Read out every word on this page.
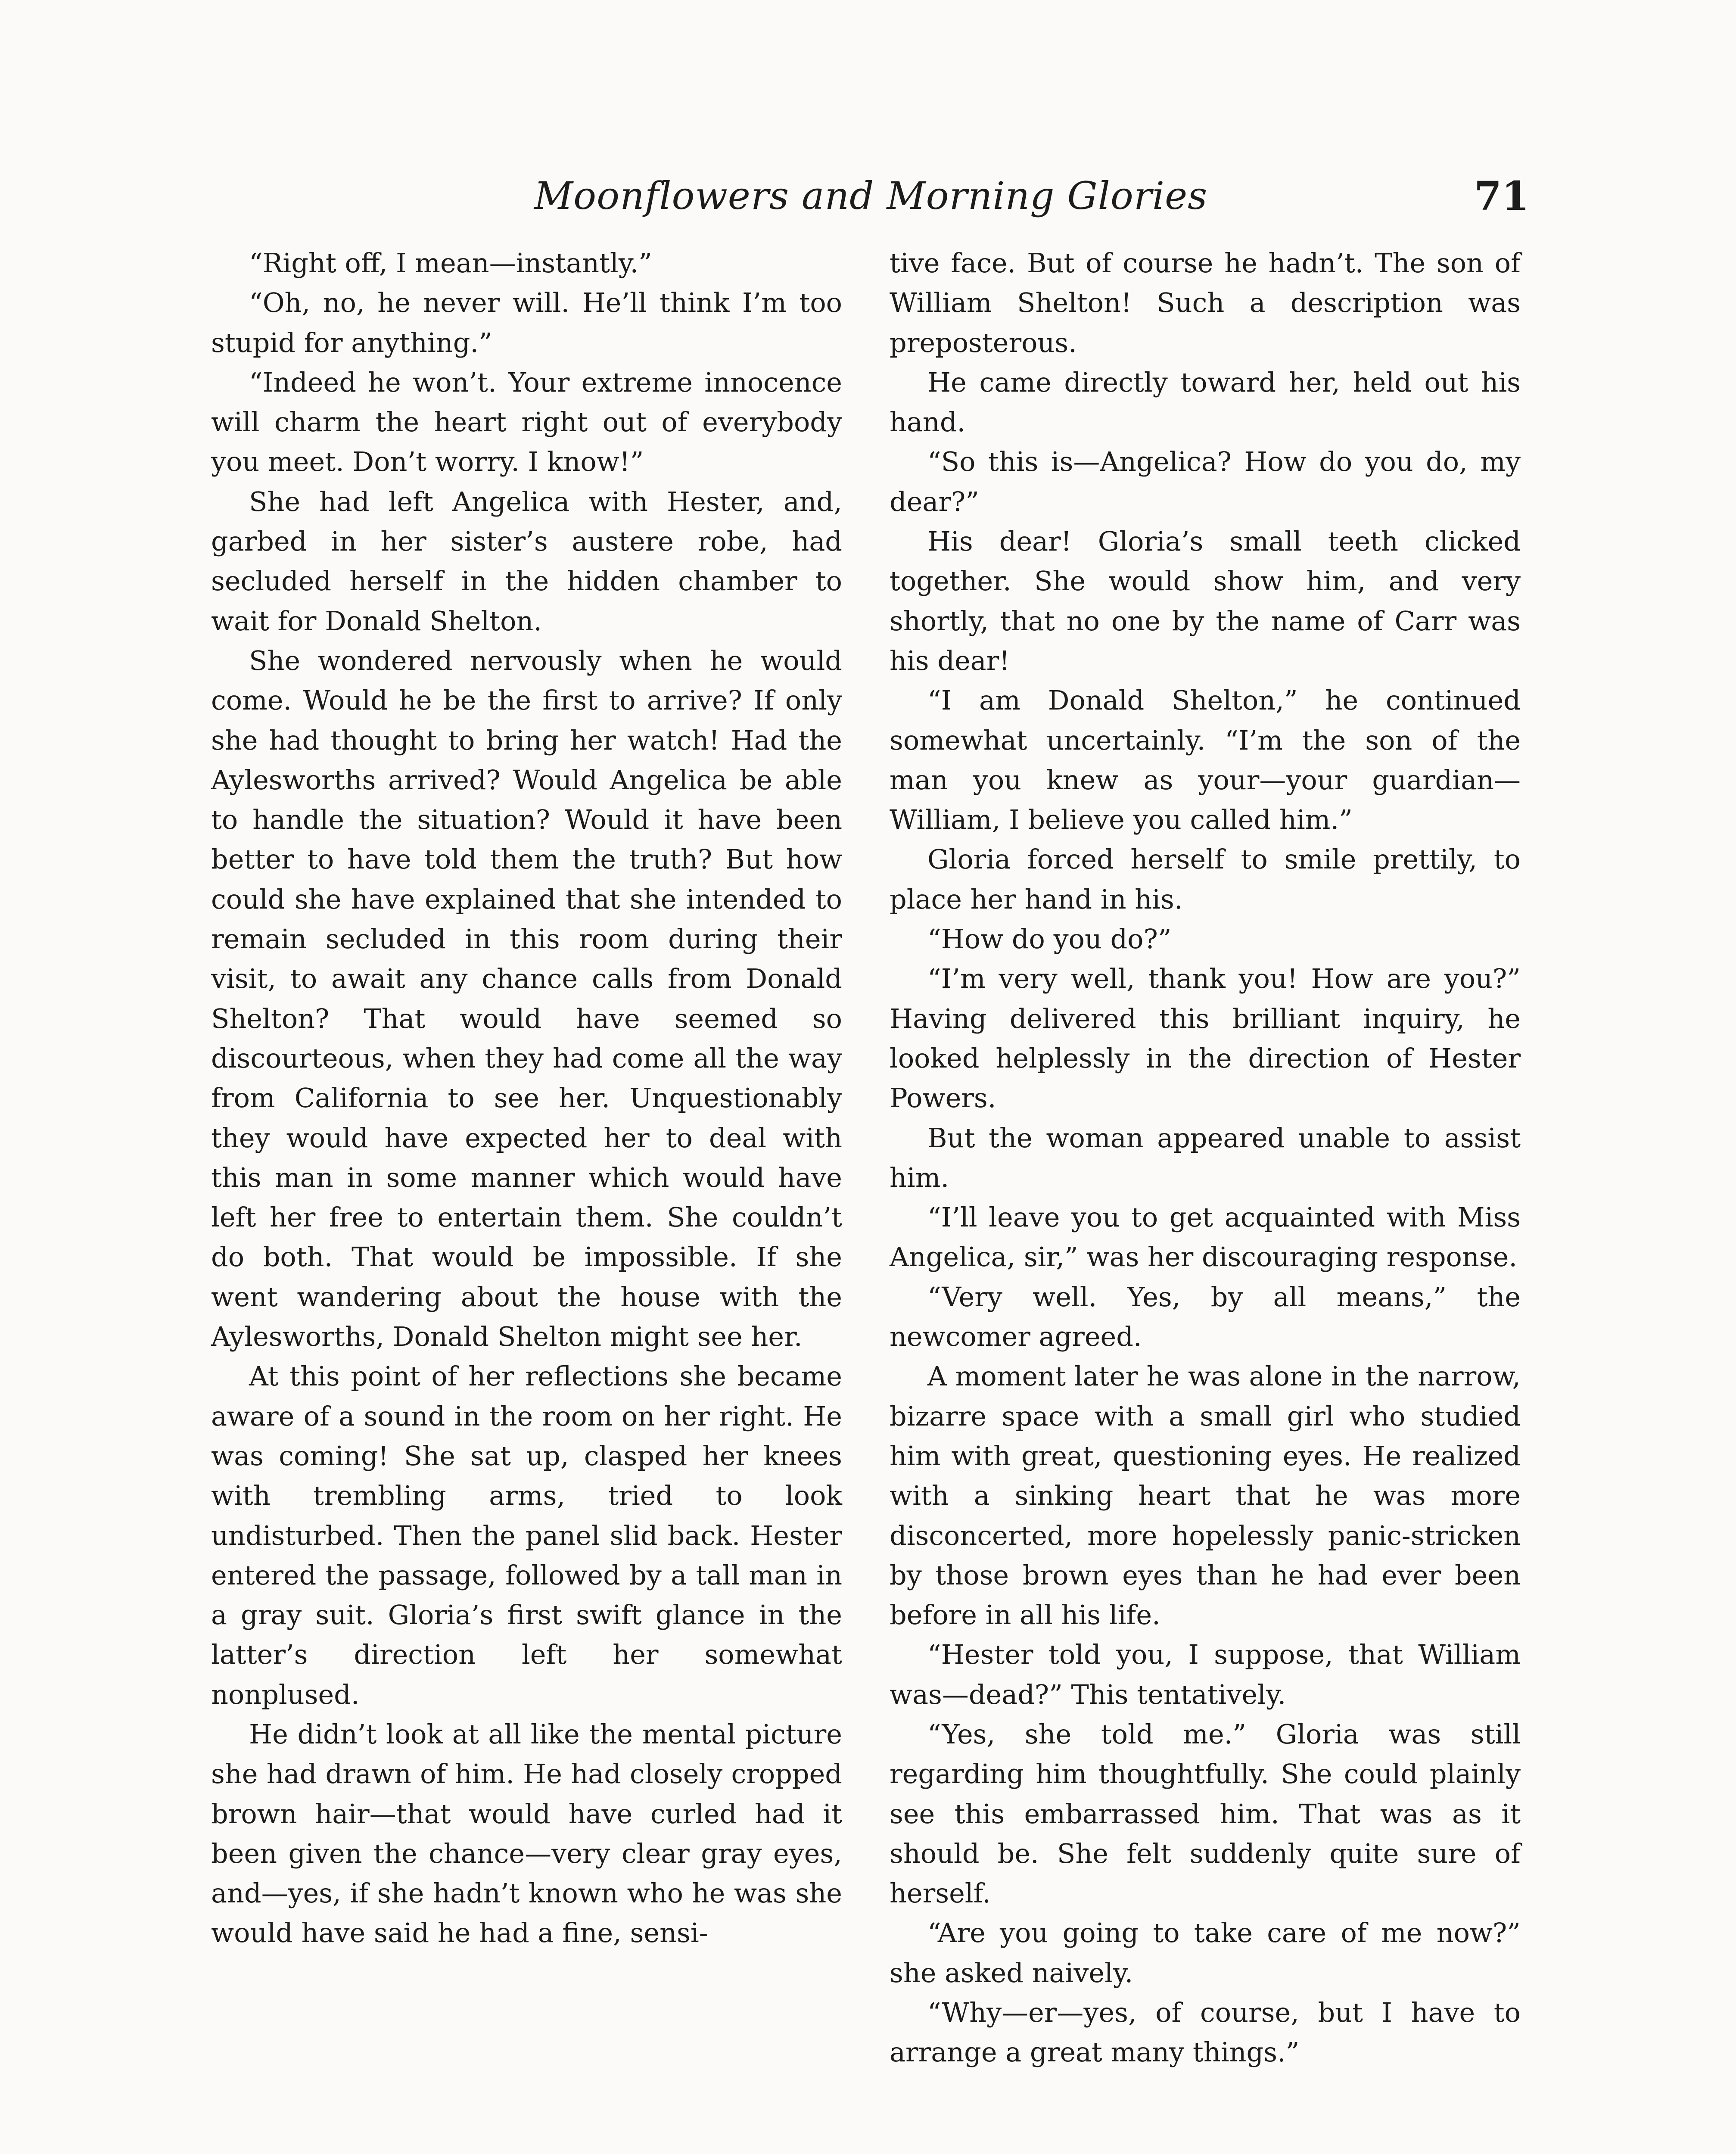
Moonflowers and Morning Glories	71

“Right off, I mean—instantly.”

“Oh, no, he never will. He’ll think I’m too stupid for anything.”

“Indeed he won’t. Your extreme innocence will charm the heart right out of everybody you meet. Don’t worry. I know!”

She had left Angelica with Hester, and, garbed in her sister’s austere robe, had secluded herself in the hidden chamber to wait for Donald Shelton.

She wondered nervously when he would come. Would he be the first to arrive? If only she had thought to bring her watch! Had the Aylesworths arrived? Would Angelica be able to handle the situation? Would it have been better to have told them the truth? But how could she have explained that she intended to remain secluded in this room during their visit, to await any chance calls from Donald Shelton? That would have seemed so discourteous, when they had come all the way from California to see her. Unquestionably they would have expected her to deal with this man in some manner which would have left her free to entertain them. She couldn’t do both. That would be impossible. If she went wandering about the house with the Aylesworths, Donald Shelton might see her.

At this point of her reflections she became aware of a sound in the room on her right. He was coming! She sat up, clasped her knees with trembling arms, tried to look undisturbed. Then the panel slid back. Hester entered the passage, followed by a tall man in a gray suit. Gloria’s first swift glance in the latter’s direction left her somewhat nonplused.

He didn’t look at all like the mental picture she had drawn of him. He had closely cropped brown hair—that would have curled had it been given the chance—very clear gray eyes, and—yes, if she hadn’t known who he was she would have said he had a fine, sensi-

tive face. But of course he hadn’t. The son of William Shelton! Such a description was preposterous.

He came directly toward her, held out his hand.

“So this is—Angelica? How do you do, my dear?”

His dear! Gloria’s small teeth clicked together. She would show him, and very shortly, that no one by the name of Carr was his dear!

“I am Donald Shelton,” he continued somewhat uncertainly. “I’m the son of the man you knew as your—your guardian—William, I believe you called him.”

Gloria forced herself to smile prettily, to place her hand in his.

“How do you do?”

“I’m very well, thank you! How are you?” Having delivered this brilliant inquiry, he looked helplessly in the direction of Hester Powers.

But the woman appeared unable to assist him.

“I’ll leave you to get acquainted with Miss Angelica, sir,” was her discouraging response.

“Very well. Yes, by all means,” the newcomer agreed.

A moment later he was alone in the narrow, bizarre space with a small girl who studied him with great, questioning eyes. He realized with a sinking heart that he was more disconcerted, more hopelessly panic-stricken by those brown eyes than he had ever been before in all his life.

“Hester told you, I suppose, that William was—dead?” This tentatively.

“Yes, she told me.” Gloria was still regarding him thoughtfully. She could plainly see this embarrassed him. That was as it should be. She felt suddenly quite sure of herself.

“Are you going to take care of me now?” she asked naively.

“Why—er—yes, of course, but I have to arrange a great many things.”
